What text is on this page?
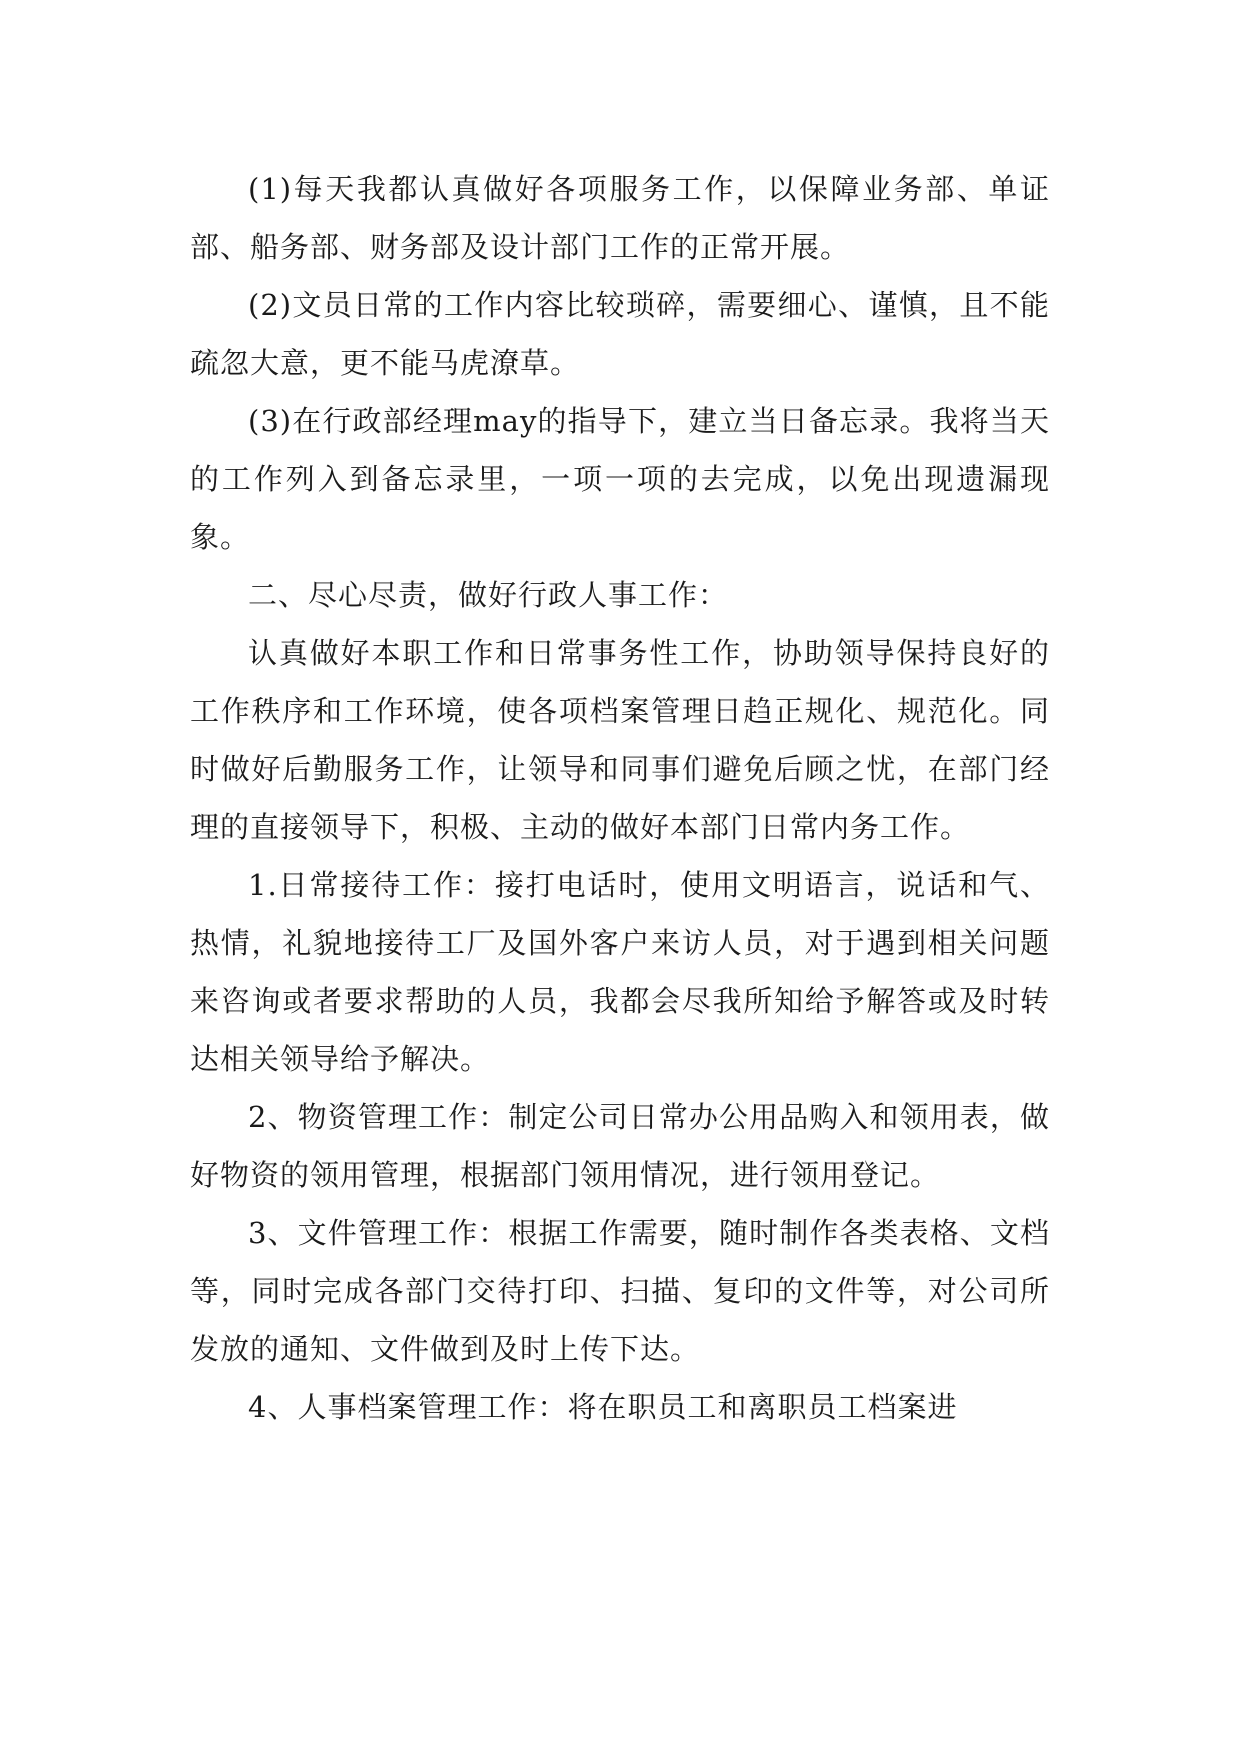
(1)每天我都认真做好各项服务工作，以保障业务部、单证部、船务部、财务部及设计部门工作的正常开展。

(2)文员日常的工作内容比较琐碎，需要细心、谨慎，且不能疏忽大意，更不能马虎潦草。

(3)在行政部经理may的指导下，建立当日备忘录。我将当天的工作列入到备忘录里，一项一项的去完成，以免出现遗漏现象。

二、尽心尽责，做好行政人事工作：

认真做好本职工作和日常事务性工作，协助领导保持良好的工作秩序和工作环境，使各项档案管理日趋正规化、规范化。同时做好后勤服务工作，让领导和同事们避免后顾之忧，在部门经理的直接领导下，积极、主动的做好本部门日常内务工作。

1.日常接待工作：接打电话时，使用文明语言，说话和气、热情，礼貌地接待工厂及国外客户来访人员，对于遇到相关问题来咨询或者要求帮助的人员，我都会尽我所知给予解答或及时转达相关领导给予解决。

2、物资管理工作：制定公司日常办公用品购入和领用表，做好物资的领用管理，根据部门领用情况，进行领用登记。

3、文件管理工作：根据工作需要，随时制作各类表格、文档等，同时完成各部门交待打印、扫描、复印的文件等，对公司所发放的通知、文件做到及时上传下达。

4、人事档案管理工作：将在职员工和离职员工档案进
